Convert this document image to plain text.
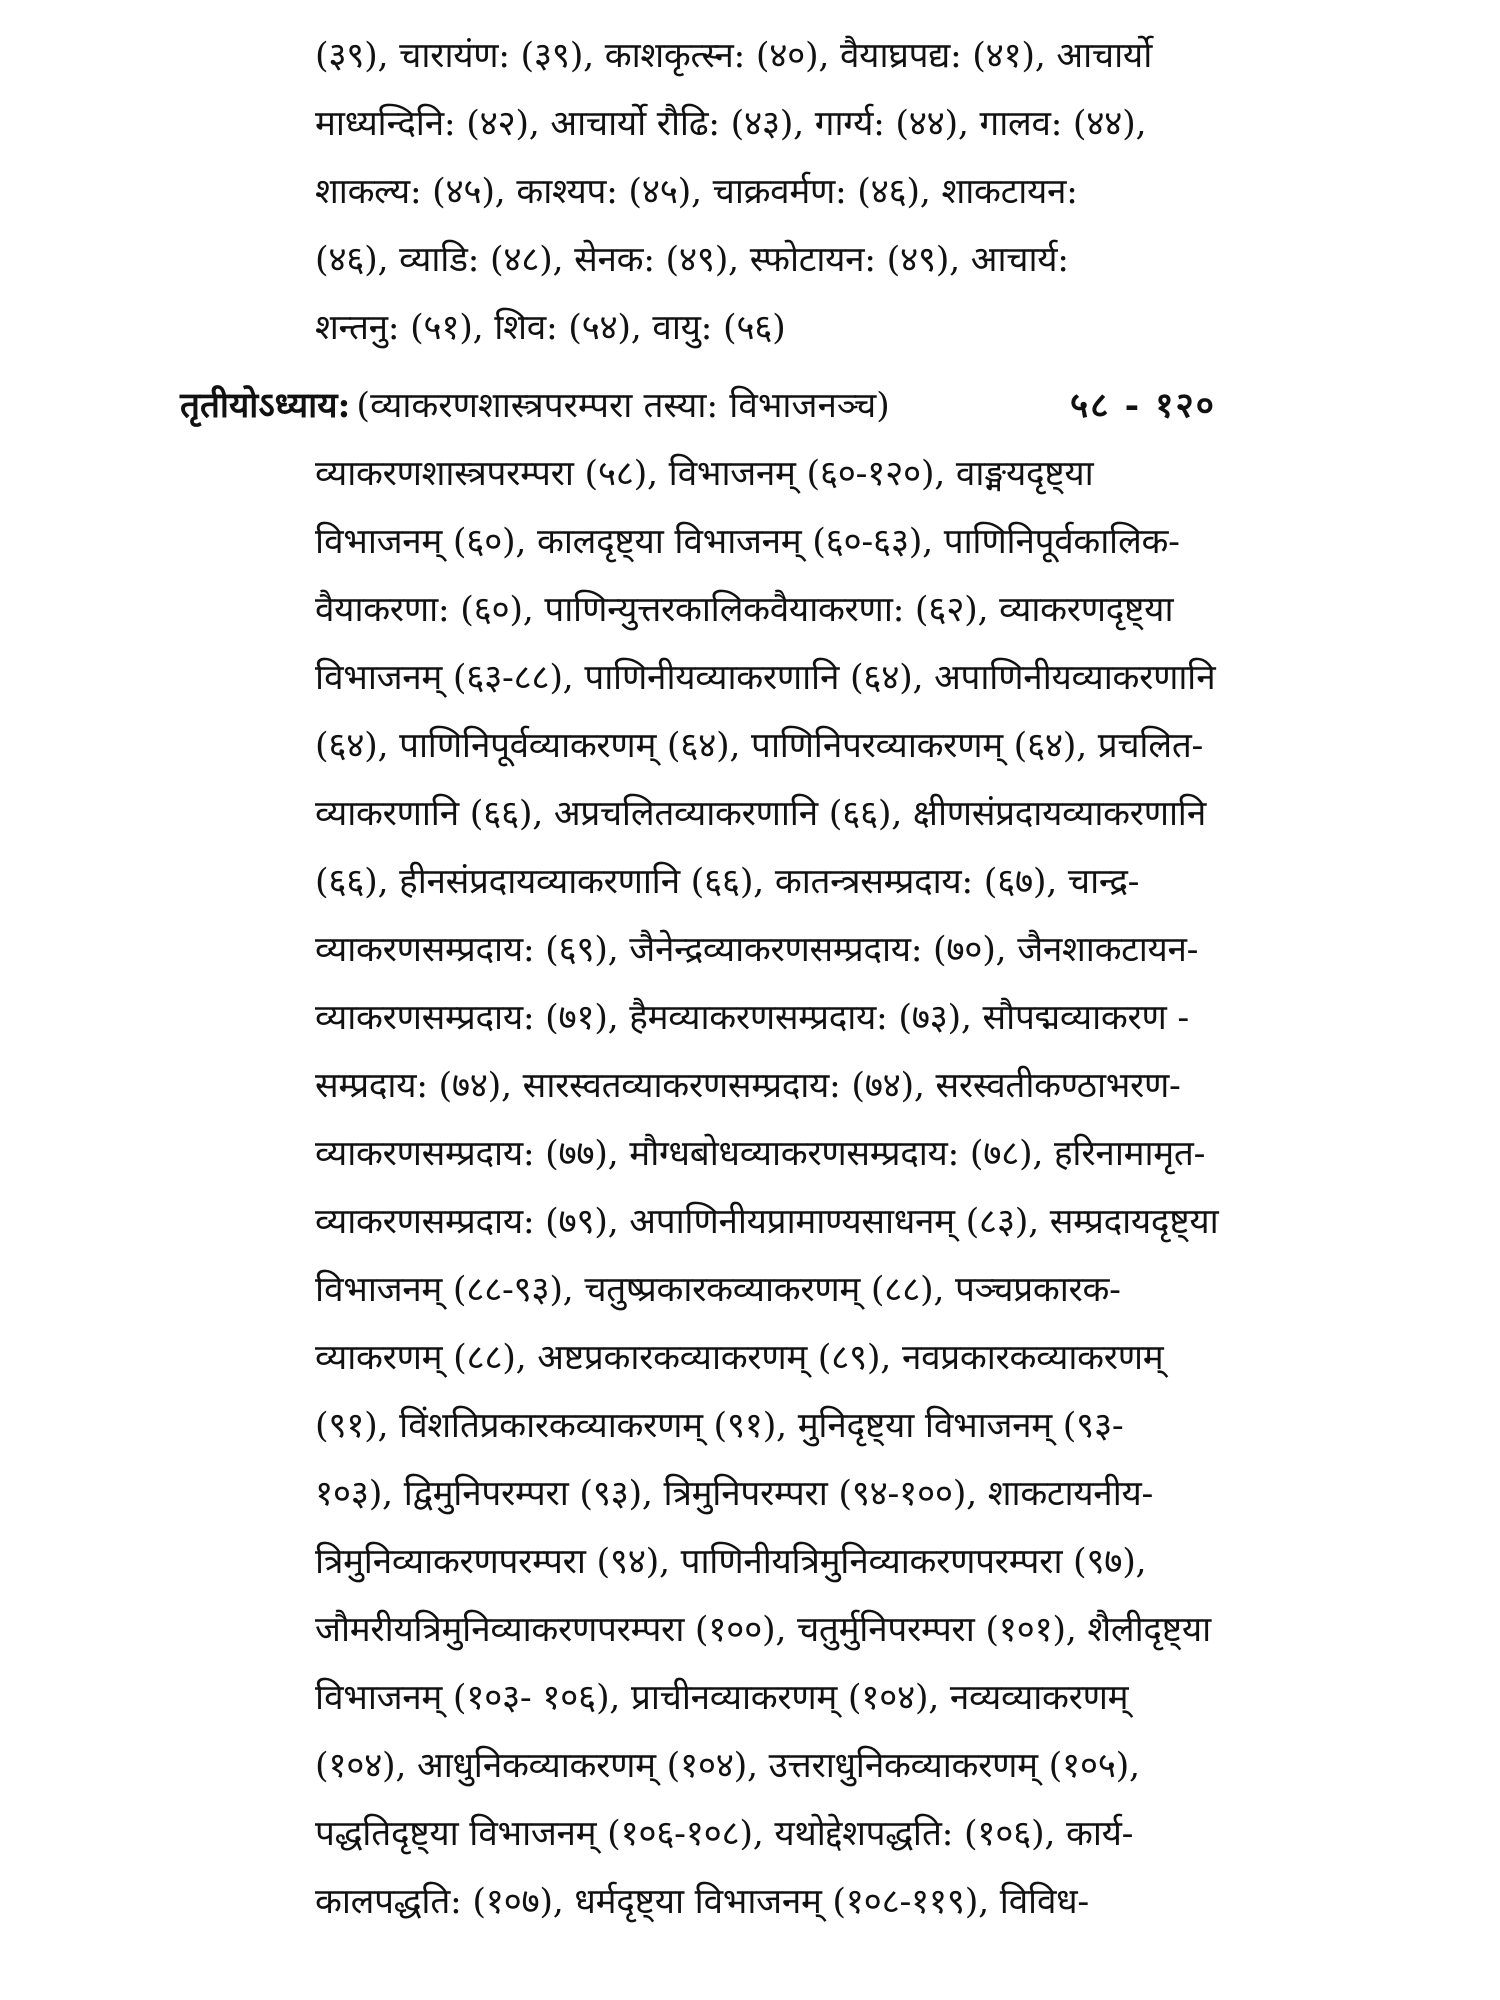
(३९), चारायंण: (३९), काशकृत्स्न: (४०), वैयाघ्रपद्य: (४१), आचार्यो
माध्यन्दिनि: (४२), आचार्यो रौढि: (४३), गार्ग्य: (४४), गालव: (४४),
शाकल्य: (४५), काश्यप: (४५), चाक्रवर्मण: (४६), शाकटायन:
(४६), व्याडि: (४८), सेनक: (४९), स्फोटायन: (४९), आचार्य:
शन्तनु: (५१), शिव: (५४), वायु: (५६)
तृतीयोऽध्याय: (व्याकरणशास्त्रपरम्परा तस्या: विभाजनञ्च)	५८ - १२०
व्याकरणशास्त्रपरम्परा (५८), विभाजनम् (६०-१२०), वाङ्मयदृष्ट्या
विभाजनम् (६०), कालदृष्ट्या विभाजनम् (६०-६३), पाणिनिपूर्वकालिक-
वैयाकरणा: (६०), पाणिन्युत्तरकालिकवैयाकरणा: (६२), व्याकरणदृष्ट्या
विभाजनम् (६३-८८), पाणिनीयव्याकरणानि (६४), अपाणिनीयव्याकरणानि
(६४), पाणिनिपूर्वव्याकरणम् (६४), पाणिनिपरव्याकरणम् (६४), प्रचलित-
व्याकरणानि (६६), अप्रचलितव्याकरणानि (६६), क्षीणसंप्रदायव्याकरणानि
(६६), हीनसंप्रदायव्याकरणानि (६६), कातन्त्रसम्प्रदाय: (६७), चान्द्र-
व्याकरणसम्प्रदाय: (६९), जैनेन्द्रव्याकरणसम्प्रदाय: (७०), जैनशाकटायन-
व्याकरणसम्प्रदाय: (७१), हैमव्याकरणसम्प्रदाय: (७३), सौपद्मव्याकरण -
सम्प्रदाय: (७४), सारस्वतव्याकरणसम्प्रदाय: (७४), सरस्वतीकण्ठाभरण-
व्याकरणसम्प्रदाय: (७७), मौग्धबोधव्याकरणसम्प्रदाय: (७८), हरिनामामृत-
व्याकरणसम्प्रदाय: (७९), अपाणिनीयप्रामाण्यसाधनम् (८३), सम्प्रदायदृष्ट्या
विभाजनम् (८८-९३), चतुष्प्रकारकव्याकरणम् (८८), पञ्चप्रकारक-
व्याकरणम् (८८), अष्टप्रकारकव्याकरणम् (८९), नवप्रकारकव्याकरणम्
(९१), विंशतिप्रकारकव्याकरणम् (९१), मुनिदृष्ट्या विभाजनम् (९३-
१०३), द्विमुनिपरम्परा (९३), त्रिमुनिपरम्परा (९४-१००), शाकटायनीय-
त्रिमुनिव्याकरणपरम्परा (९४), पाणिनीयत्रिमुनिव्याकरणपरम्परा (९७),
जौमरीयत्रिमुनिव्याकरणपरम्परा (१००), चतुर्मुनिपरम्परा (१०१), शैलीदृष्ट्या
विभाजनम् (१०३- १०६), प्राचीनव्याकरणम् (१०४), नव्यव्याकरणम्
(१०४), आधुनिकव्याकरणम् (१०४), उत्तराधुनिकव्याकरणम् (१०५),
पद्धतिदृष्ट्या विभाजनम् (१०६-१०८), यथोद्देशपद्धति: (१०६), कार्य-
कालपद्धति: (१०७), धर्मदृष्ट्या विभाजनम् (१०८-११९), विविध-
